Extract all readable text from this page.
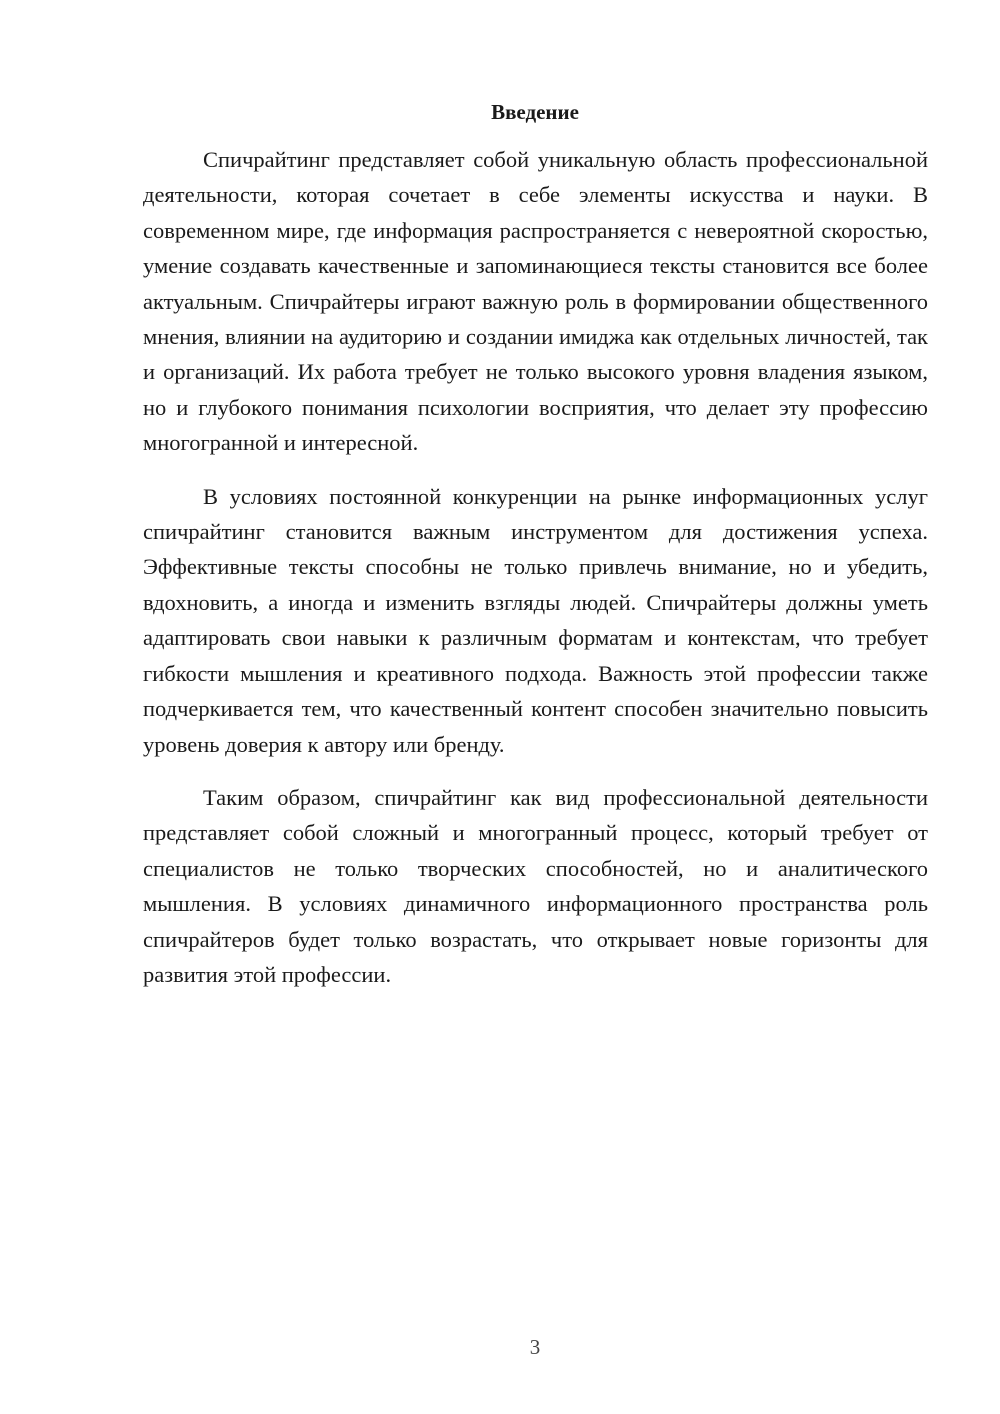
Введение

Спичрайтинг представляет собой уникальную область профессиональной деятельности, которая сочетает в себе элементы искусства и науки. В современном мире, где информация распространяется с невероятной скоростью, умение создавать качественные и запоминающиеся тексты становится все более актуальным. Спичрайтеры играют важную роль в формировании общественного мнения, влиянии на аудиторию и создании имиджа как отдельных личностей, так и организаций. Их работа требует не только высокого уровня владения языком, но и глубокого понимания психологии восприятия, что делает эту профессию многогранной и интересной.

В условиях постоянной конкуренции на рынке информационных услуг спичрайтинг становится важным инструментом для достижения успеха. Эффективные тексты способны не только привлечь внимание, но и убедить, вдохновить, а иногда и изменить взгляды людей. Спичрайтеры должны уметь адаптировать свои навыки к различным форматам и контекстам, что требует гибкости мышления и креативного подхода. Важность этой профессии также подчеркивается тем, что качественный контент способен значительно повысить уровень доверия к автору или бренду.

Таким образом, спичрайтинг как вид профессиональной деятельности представляет собой сложный и многогранный процесс, который требует от специалистов не только творческих способностей, но и аналитического мышления. В условиях динамичного информационного пространства роль спичрайтеров будет только возрастать, что открывает новые горизонты для развития этой профессии.

3
